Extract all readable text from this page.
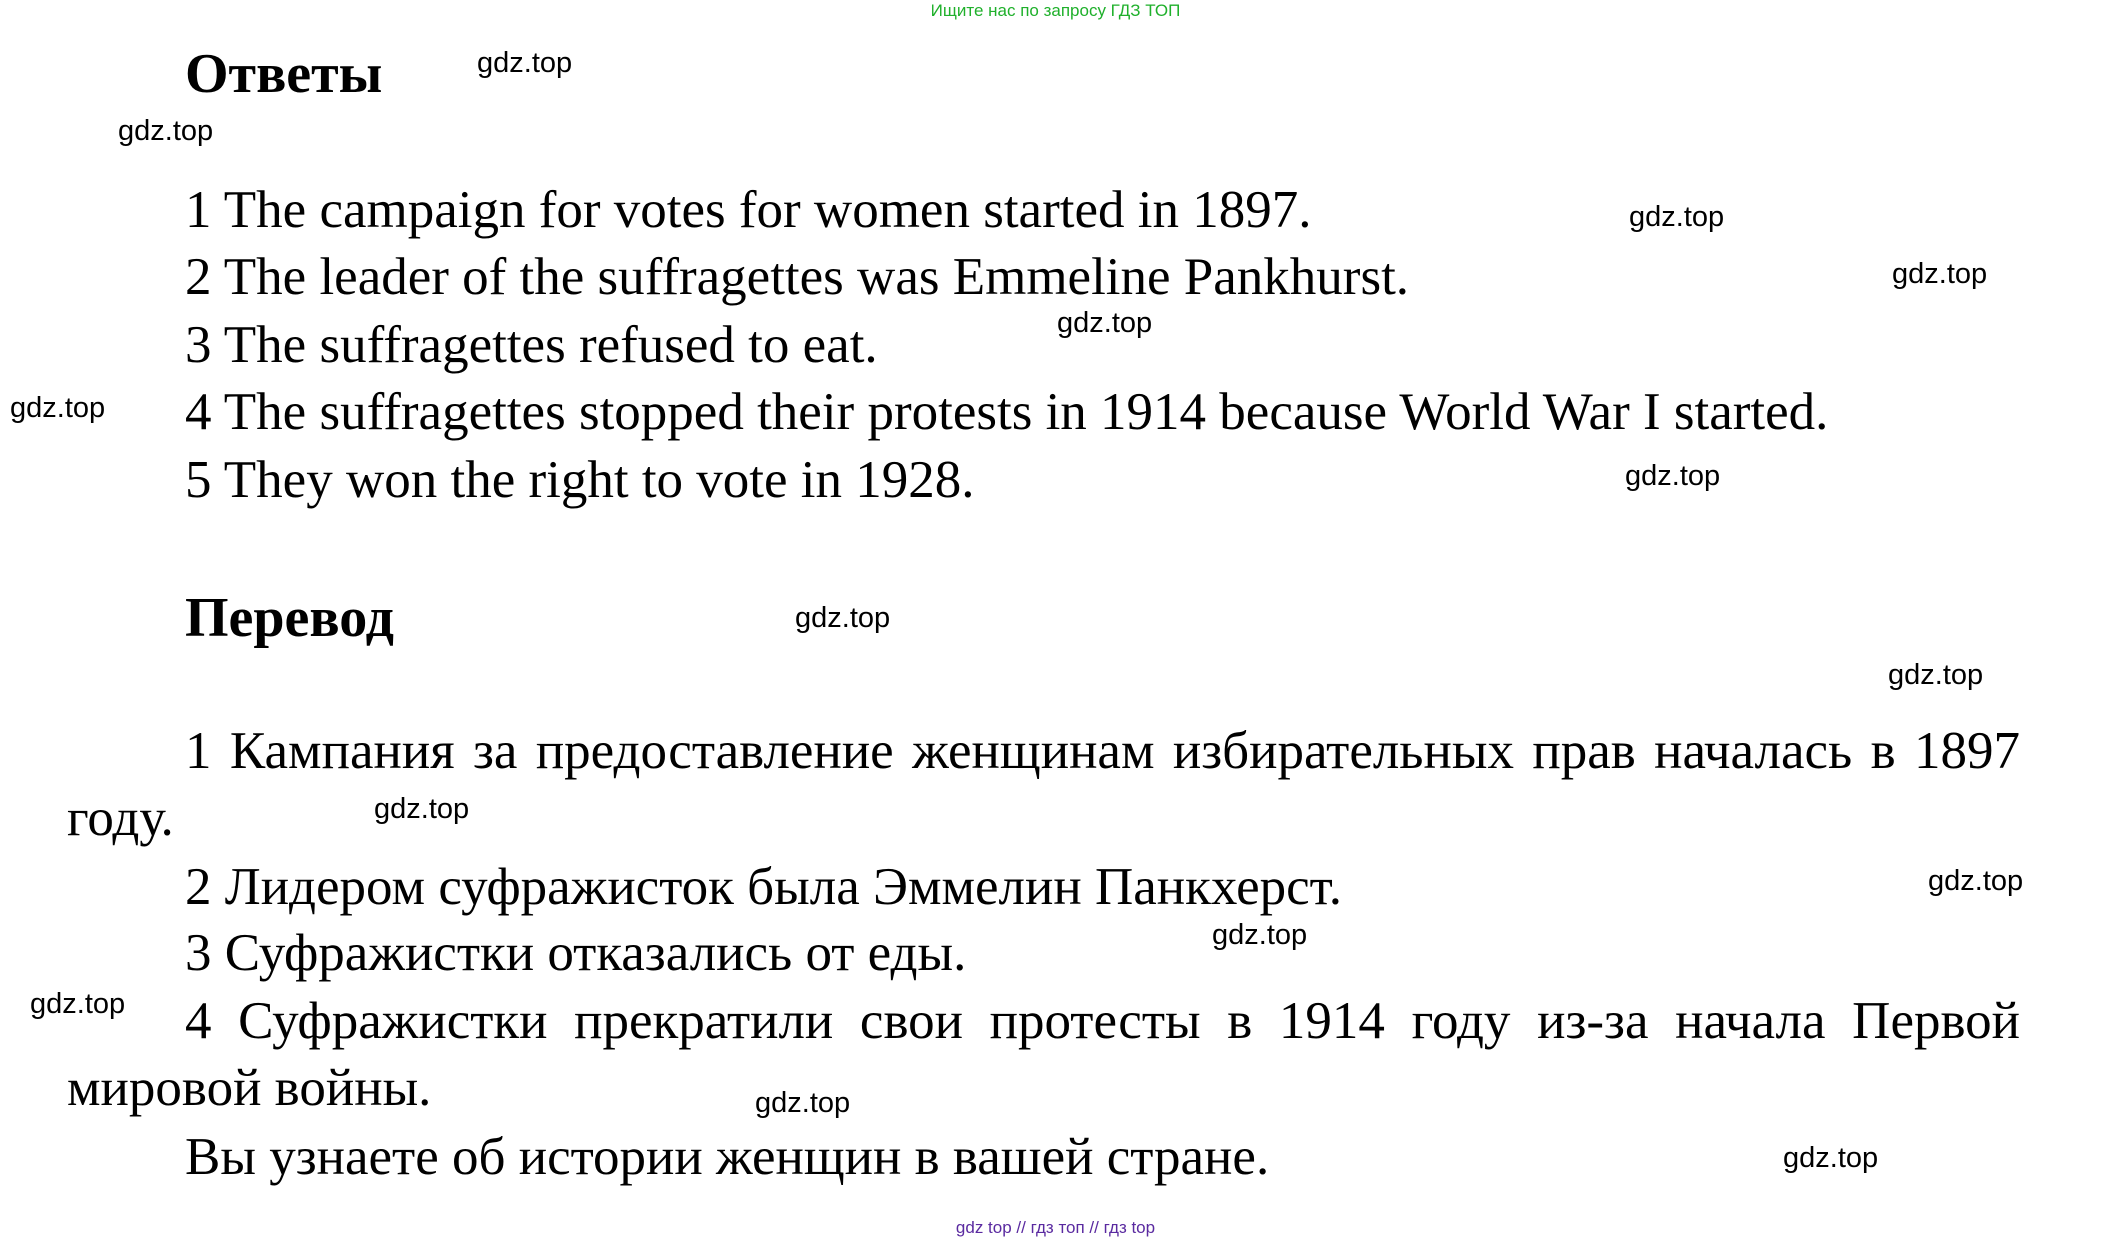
Ищите нас по запросу ГДЗ ТОП
Ответы
1 The campaign for votes for women started in 1897.
2 The leader of the suffragettes was Emmeline Pankhurst.
3 The suffragettes refused to eat.
4 The suffragettes stopped their protests in 1914 because World War I started.
5 They won the right to vote in 1928.
Перевод
1 Кампания за предоставление женщинам избирательных прав началась в 1897 году.
2 Лидером суфражисток была Эммелин Панкхерст.
3 Суфражистки отказались от еды.
4 Суфражистки прекратили свои протесты в 1914 году из-за начала Первой мировой войны.
Вы узнаете об истории женщин в вашей стране.
gdz.top
gdz.top
gdz.top
gdz.top
gdz.top
gdz.top
gdz.top
gdz.top
gdz.top
gdz.top
gdz.top
gdz.top
gdz.top
gdz.top
gdz.top
gdz top // гдз топ // гдз top
